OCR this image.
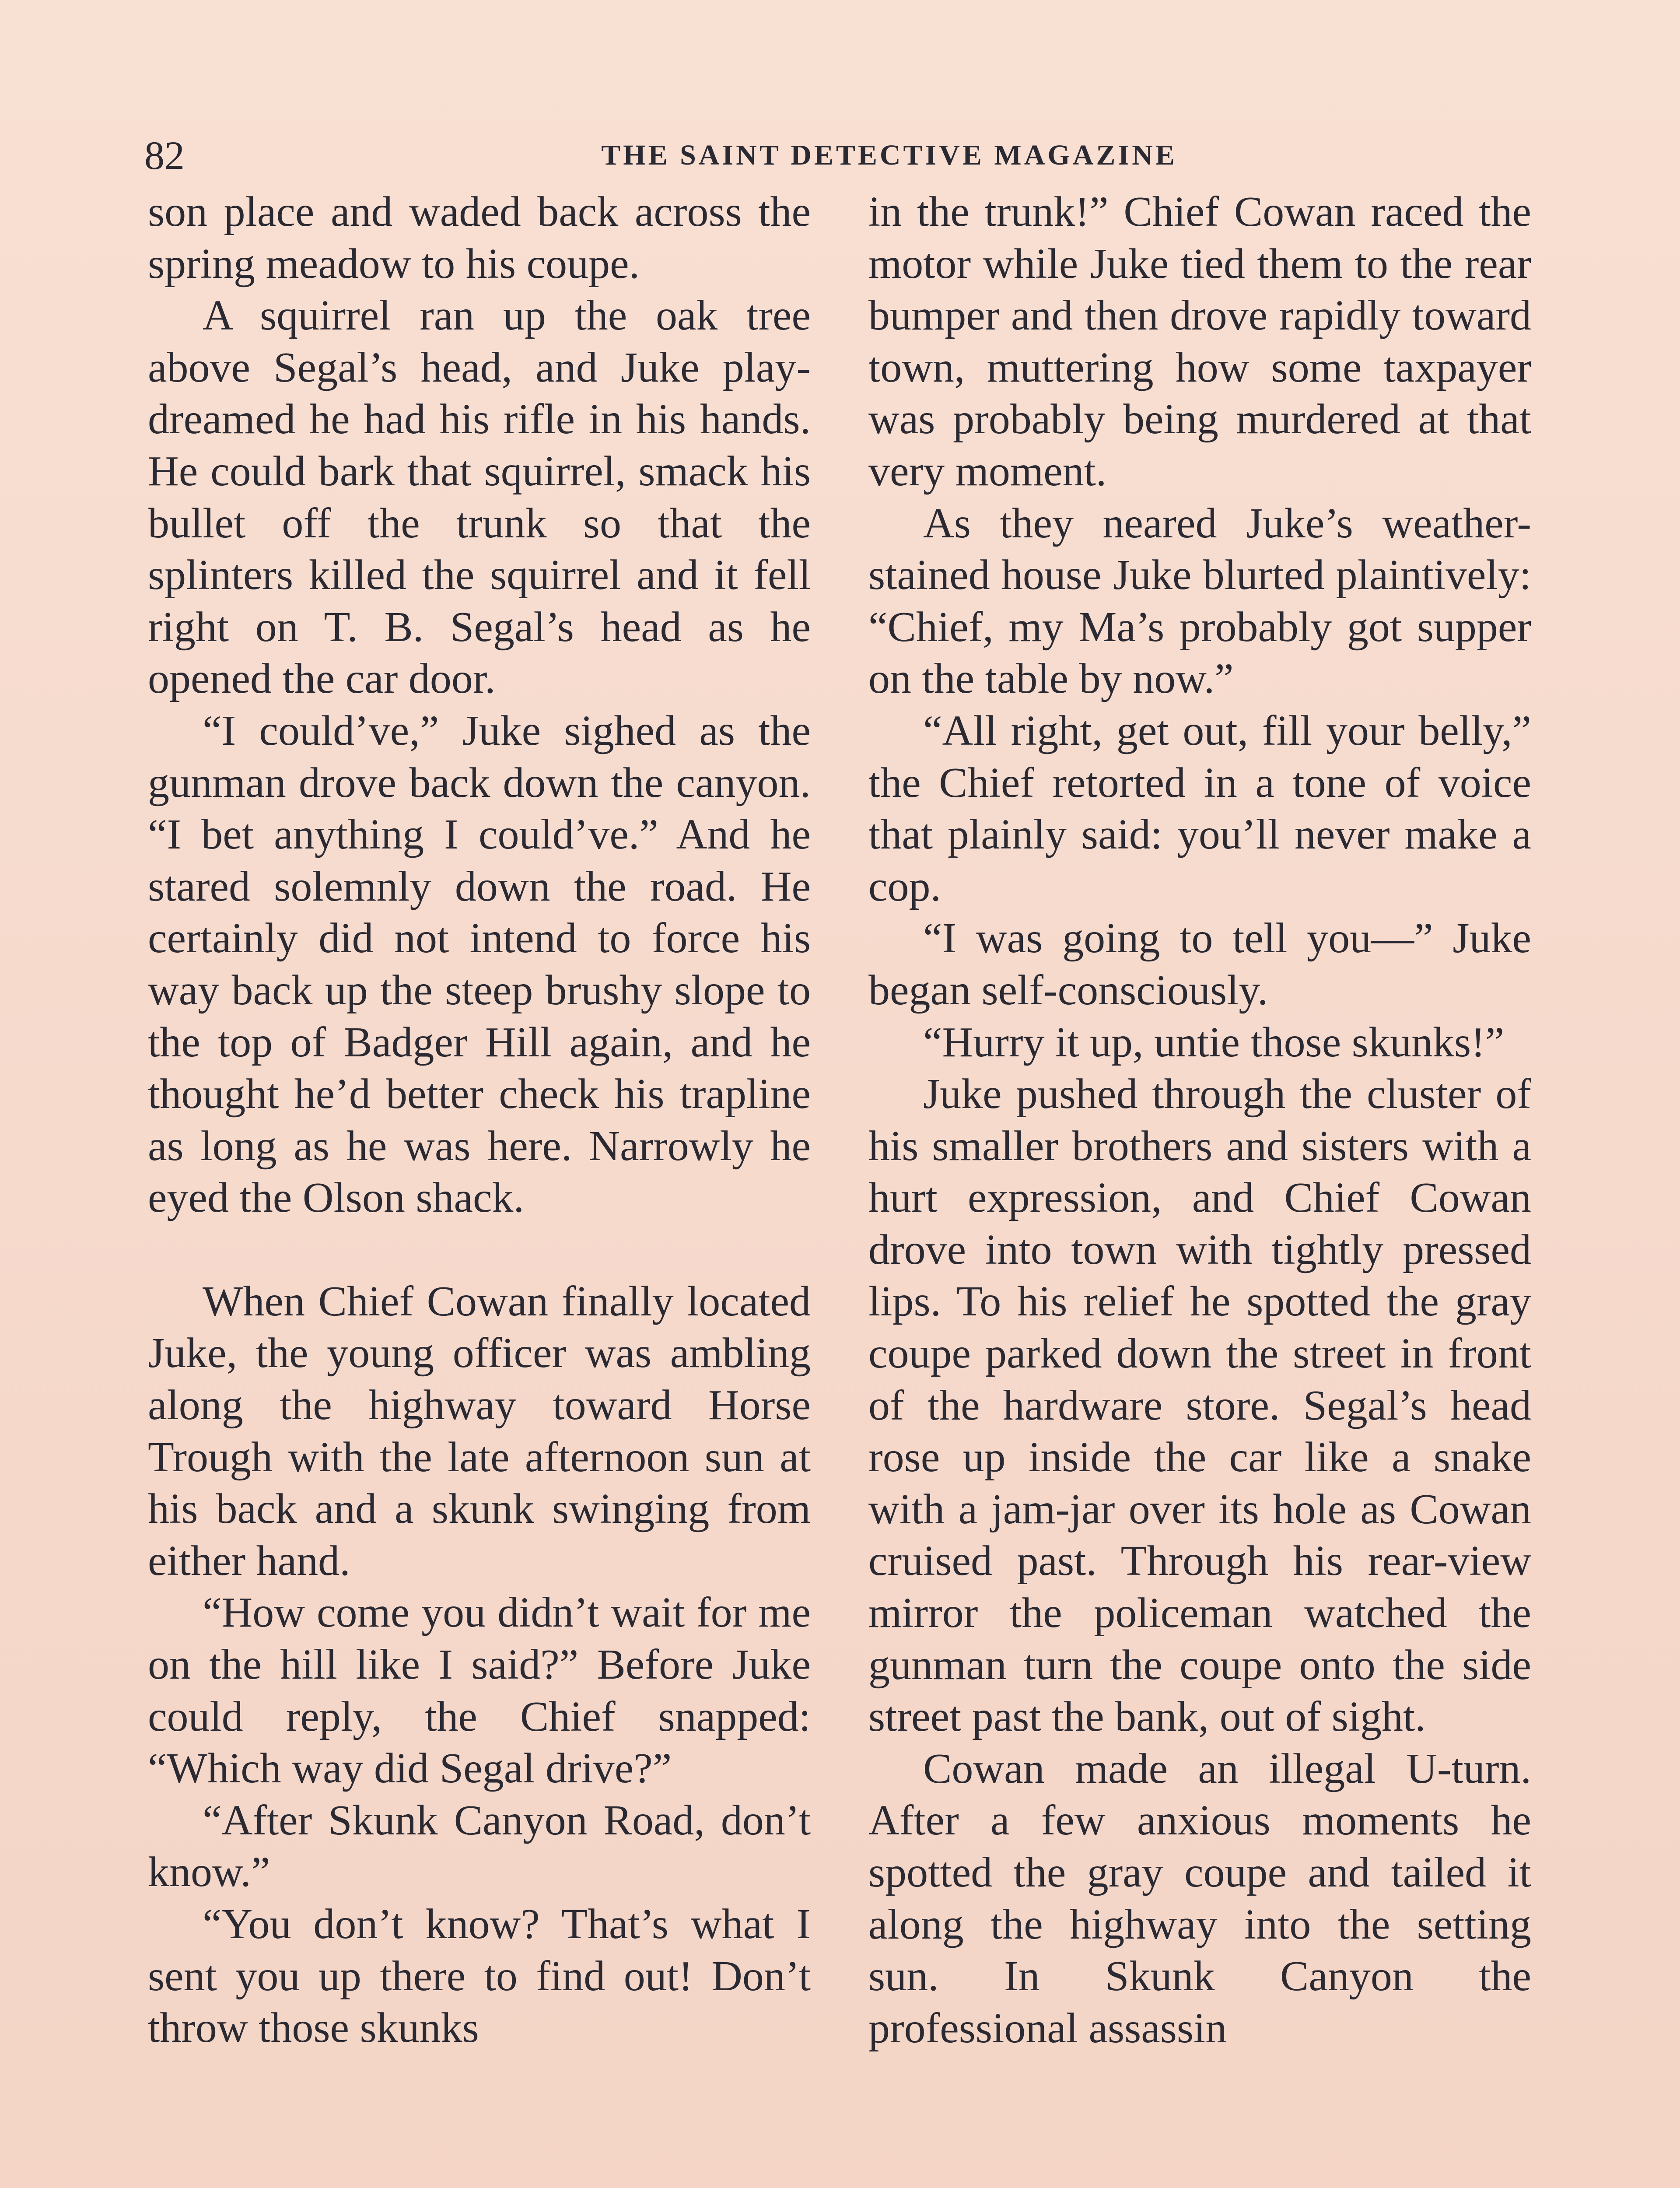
82	THE SAINT DETECTIVE MAGAZINE

son place and waded back across the spring meadow to his coupe.

A squirrel ran up the oak tree above Segal’s head, and Juke play-dreamed he had his rifle in his hands. He could bark that squirrel, smack his bullet off the trunk so that the splinters killed the squirrel and it fell right on T. B. Segal’s head as he opened the car door.

“I could’ve,” Juke sighed as the gunman drove back down the canyon. “I bet anything I could’ve.” And he stared solemnly down the road. He certainly did not intend to force his way back up the steep brushy slope to the top of Badger Hill again, and he thought he’d better check his trapline as long as he was here. Narrowly he eyed the Olson shack.

When Chief Cowan finally located Juke, the young officer was ambling along the highway toward Horse Trough with the late afternoon sun at his back and a skunk swinging from either hand.

“How come you didn’t wait for me on the hill like I said?” Before Juke could reply, the Chief snapped: “Which way did Segal drive?”

“After Skunk Canyon Road, don’t know.”

“You don’t know? That’s what I sent you up there to find out! Don’t throw those skunks

in the trunk!” Chief Cowan raced the motor while Juke tied them to the rear bumper and then drove rapidly toward town, muttering how some taxpayer was probably being murdered at that very moment.

As they neared Juke’s weather-stained house Juke blurted plaintively: “Chief, my Ma’s probably got supper on the table by now.”

“All right, get out, fill your belly,” the Chief retorted in a tone of voice that plainly said: you’ll never make a cop.

“I was going to tell you—” Juke began self-consciously.

“Hurry it up, untie those skunks!”

Juke pushed through the cluster of his smaller brothers and sisters with a hurt expression, and Chief Cowan drove into town with tightly pressed lips. To his relief he spotted the gray coupe parked down the street in front of the hardware store. Segal’s head rose up inside the car like a snake with a jam-jar over its hole as Cowan cruised past. Through his rear-view mirror the policeman watched the gunman turn the coupe onto the side street past the bank, out of sight.

Cowan made an illegal U-turn. After a few anxious moments he spotted the gray coupe and tailed it along the highway into the setting sun. In Skunk Canyon the professional assassin
